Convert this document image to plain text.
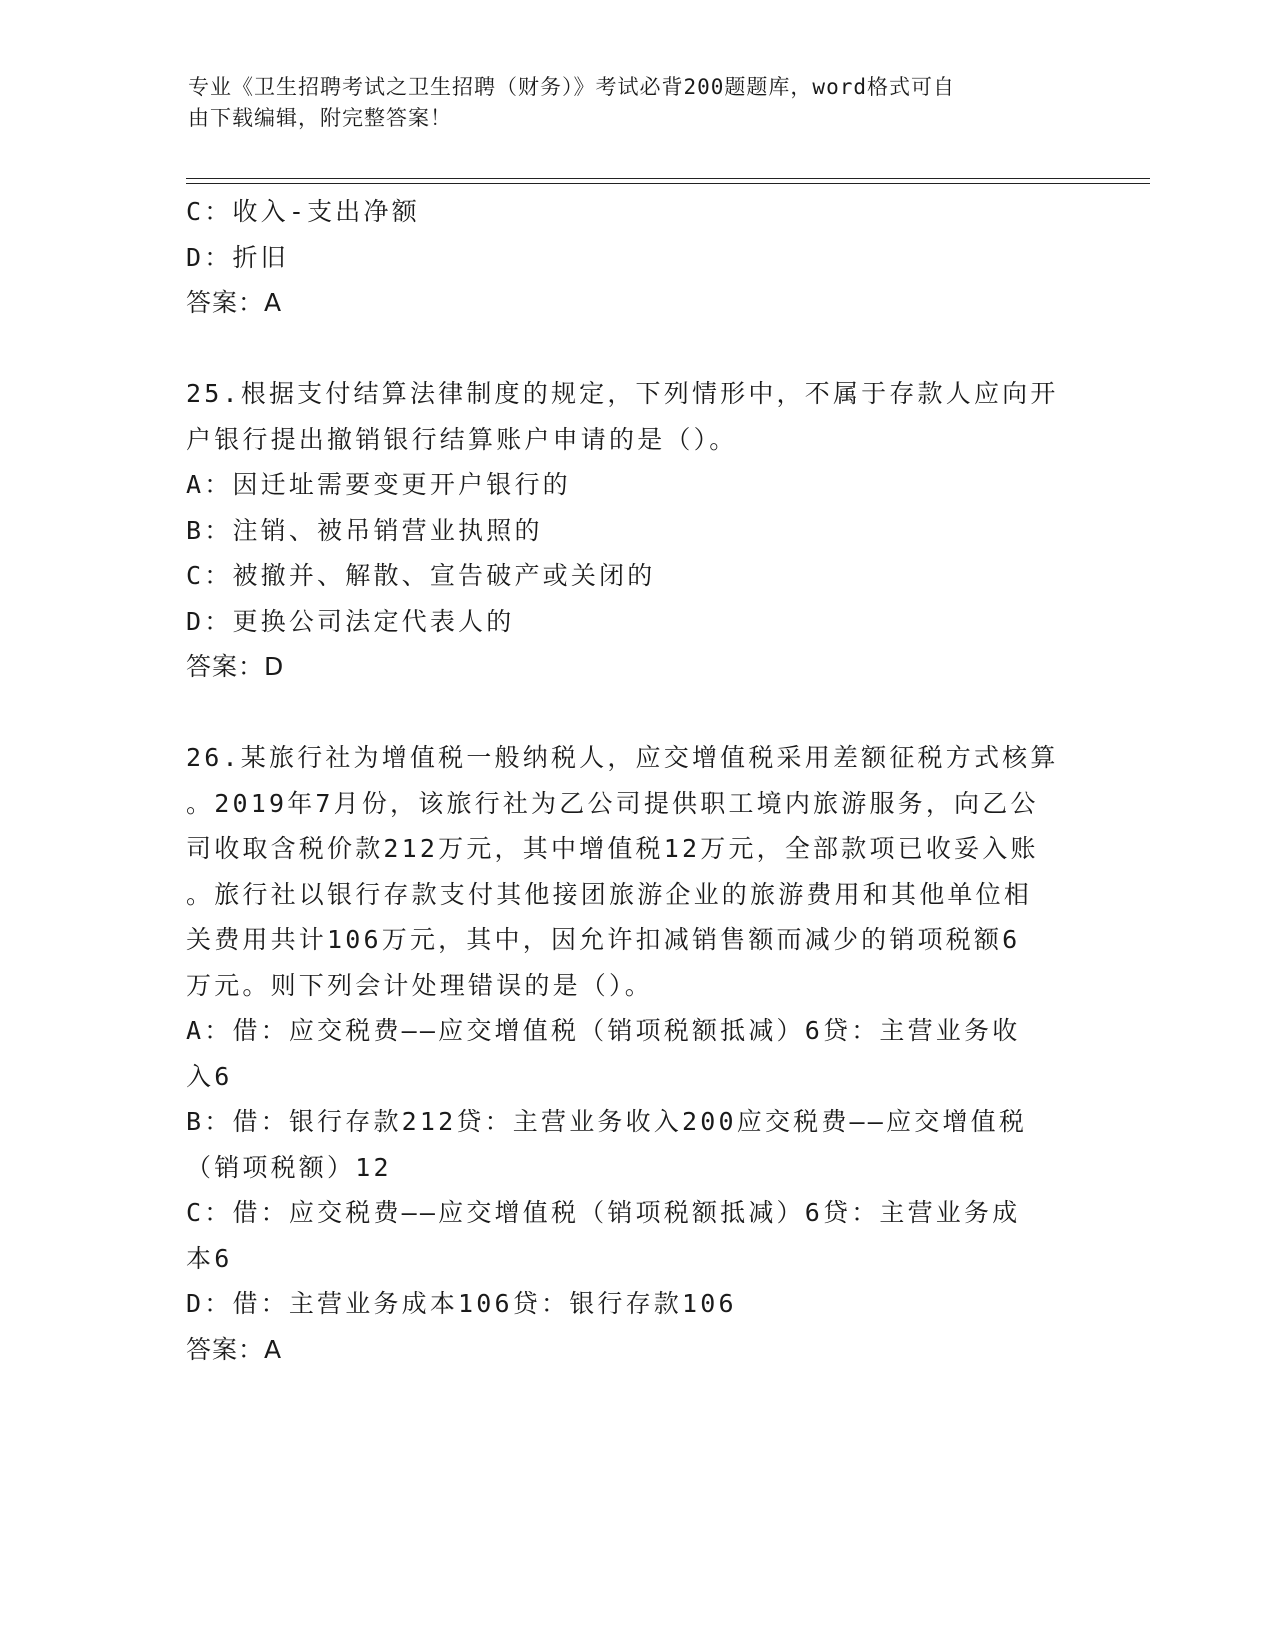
专业《卫生招聘考试之卫生招聘（财务）》考试必背200题题库，word格式可自
由下载编辑，附完整答案！
C：收入-支出净额
D：折旧
答案：A
25.根据支付结算法律制度的规定，下列情形中，不属于存款人应向开
户银行提出撤销银行结算账户申请的是（）。
A：因迁址需要变更开户银行的
B：注销、被吊销营业执照的
C：被撤并、解散、宣告破产或关闭的
D：更换公司法定代表人的
答案：D
26.某旅行社为增值税一般纳税人，应交增值税采用差额征税方式核算
。2019年7月份，该旅行社为乙公司提供职工境内旅游服务，向乙公
司收取含税价款212万元，其中增值税12万元，全部款项已收妥入账
。旅行社以银行存款支付其他接团旅游企业的旅游费用和其他单位相
关费用共计106万元，其中，因允许扣减销售额而减少的销项税额6
万元。则下列会计处理错误的是（）。
A：借：应交税费——应交增值税（销项税额抵减）6贷：主营业务收
入6
B：借：银行存款212贷：主营业务收入200应交税费——应交增值税
（销项税额）12
C：借：应交税费——应交增值税（销项税额抵减）6贷：主营业务成
本6
D：借：主营业务成本106贷：银行存款106
答案：A
